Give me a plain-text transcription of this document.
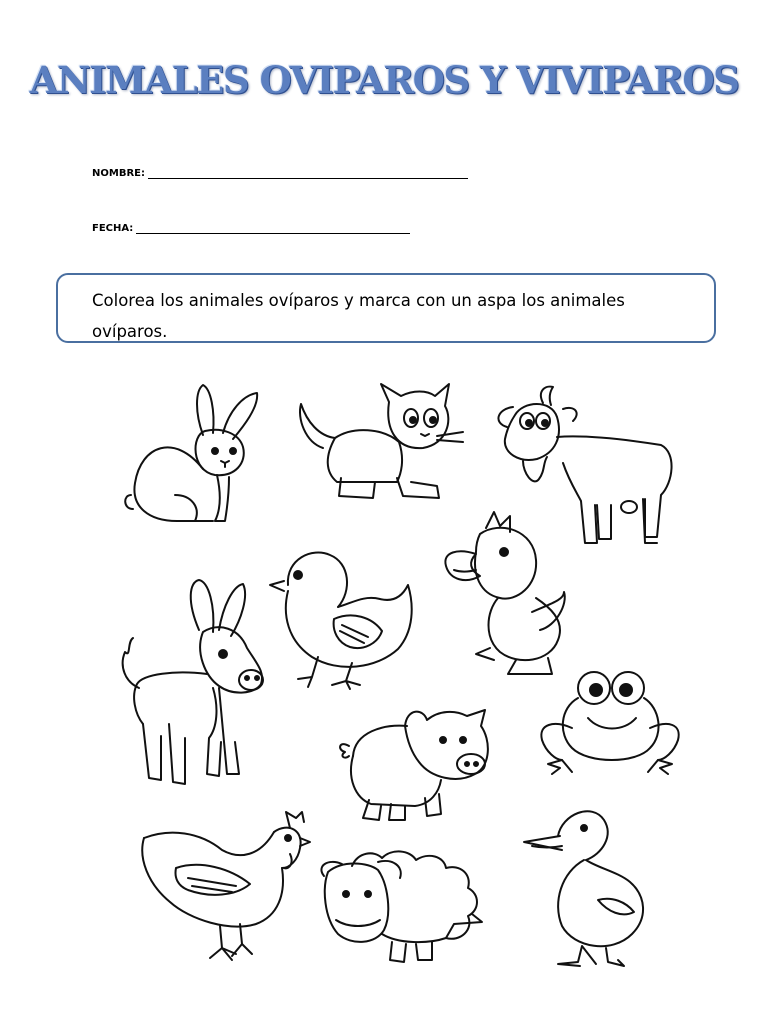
ANIMALES OVIPAROS Y VIVIPAROS
NOMBRE:
FECHA:
Colorea los animales ovíparos y marca con un aspa los animales ovíparos.
